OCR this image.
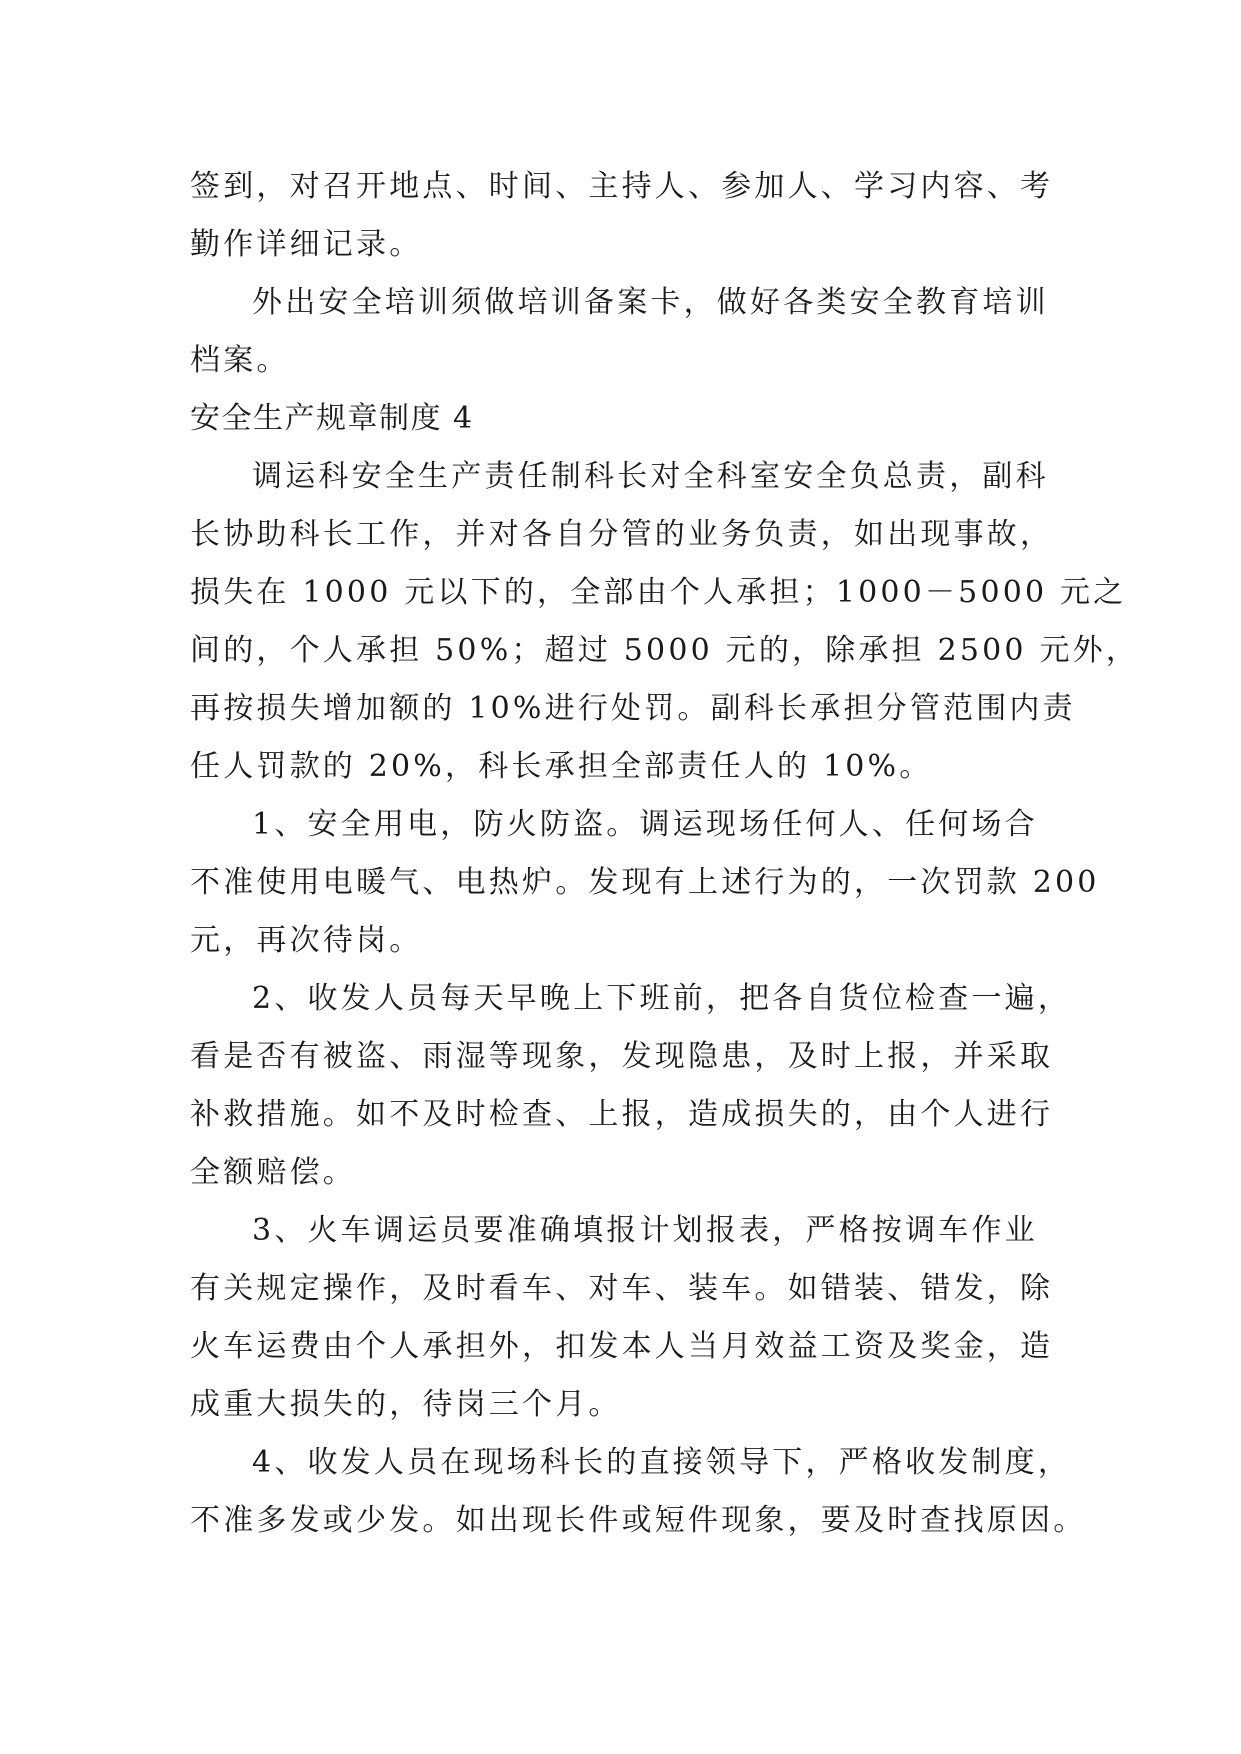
签到，对召开地点、时间、主持人、参加人、学习内容、考
勤作详细记录。
外出安全培训须做培训备案卡，做好各类安全教育培训
档案。
安全生产规章制度 4
调运科安全生产责任制科长对全科室安全负总责，副科
长协助科长工作，并对各自分管的业务负责，如出现事故，
损失在 1000 元以下的，全部由个人承担；1000－5000 元之
间的，个人承担 50%；超过 5000 元的，除承担 2500 元外，
再按损失增加额的 10%进行处罚。副科长承担分管范围内责
任人罚款的 20%，科长承担全部责任人的 10%。
1、安全用电，防火防盗。调运现场任何人、任何场合
不准使用电暖气、电热炉。发现有上述行为的，一次罚款 200
元，再次待岗。
2、收发人员每天早晚上下班前，把各自货位检查一遍，
看是否有被盗、雨湿等现象，发现隐患，及时上报，并采取
补救措施。如不及时检查、上报，造成损失的，由个人进行
全额赔偿。
3、火车调运员要准确填报计划报表，严格按调车作业
有关规定操作，及时看车、对车、装车。如错装、错发，除
火车运费由个人承担外，扣发本人当月效益工资及奖金，造
成重大损失的，待岗三个月。
4、收发人员在现场科长的直接领导下，严格收发制度，
不准多发或少发。如出现长件或短件现象，要及时查找原因。
